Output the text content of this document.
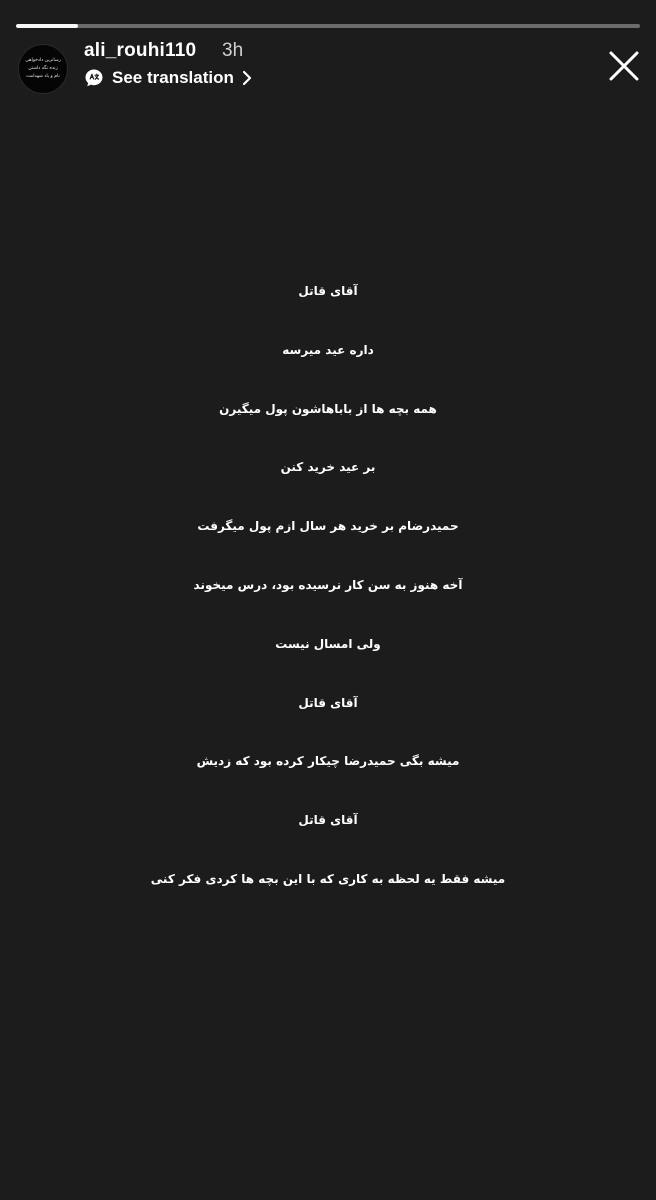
رسانزین دادخواهی
زنده نگه داشتن
نام و یاد شهدامت
ali_rouhi110 3h
See translation
آقای قاتل
داره عید میرسه
همه بچه ها از باباهاشون پول میگیرن
بر عید خرید کنن
حمیدرضام بر خرید هر سال ازم پول میگرفت
آخه هنوز به سن کار نرسیده بود، درس میخوند
ولی امسال نیست
آقای قاتل
میشه بگی حمیدرضا چیکار کرده بود که زدیش
آقای قاتل
میشه فقط یه لحظه به کاری که با این بچه ها کردی فکر کنی
